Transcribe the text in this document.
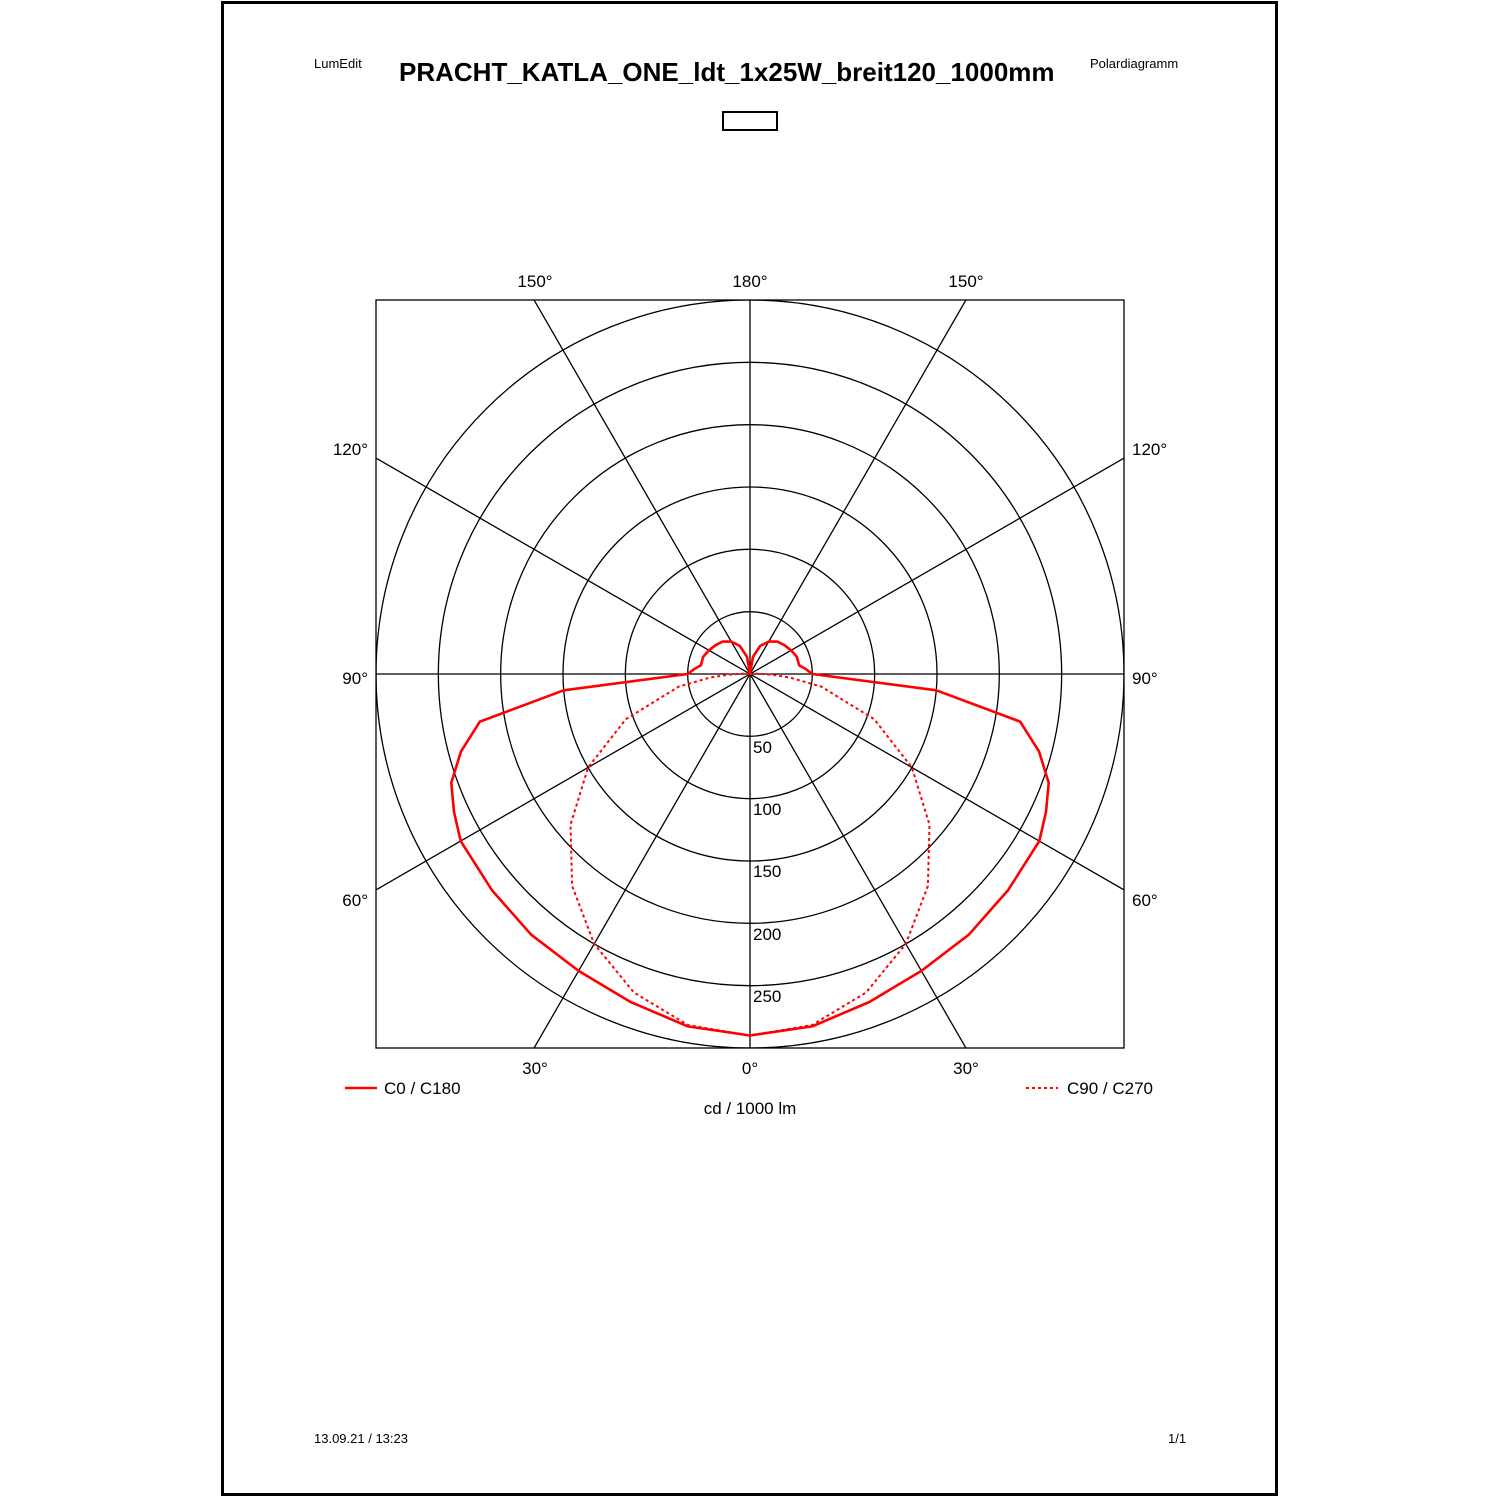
LumEdit PRACHT_KATLA_ONE_ldt_1x25W_breit120_1000mm	Polardiagramm
150°	180°	150°
30°	0°	30°
120°
90°
60°
120°
90°
60°
50
100
150
200
250
C0 / C180	C90 / C270
cd / 1000 lm
13.09.21 / 13:23	1/1
